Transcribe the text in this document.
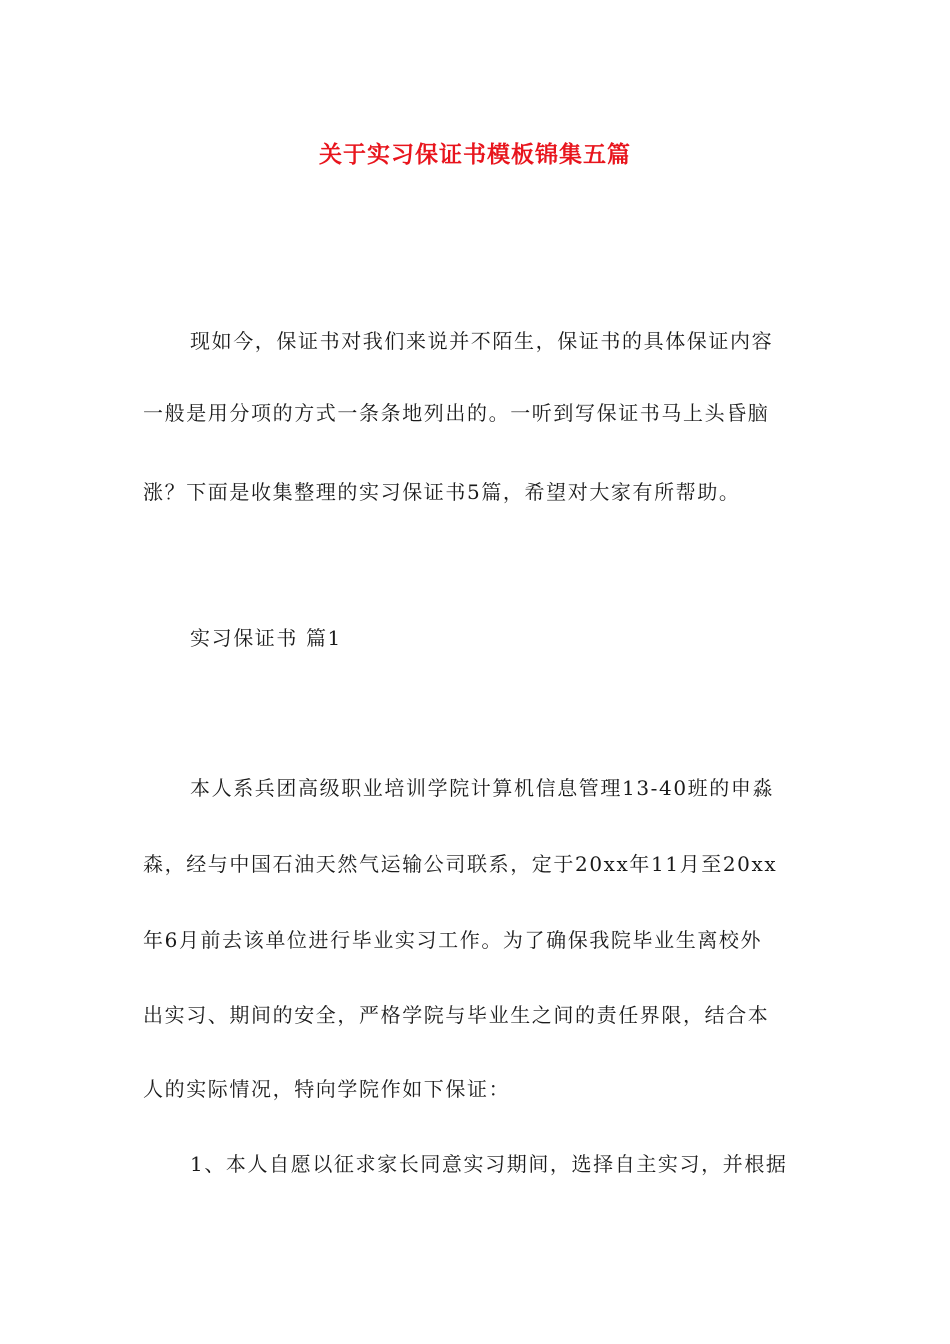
关于实习保证书模板锦集五篇
现如今，保证书对我们来说并不陌生，保证书的具体保证内容
一般是用分项的方式一条条地列出的。一听到写保证书马上头昏脑
涨？下面是收集整理的实习保证书5篇，希望对大家有所帮助。
实习保证书 篇1
本人系兵团高级职业培训学院计算机信息管理13-40班的申淼
森，经与中国石油天然气运输公司联系，定于20xx年11月至20xx
年6月前去该单位进行毕业实习工作。为了确保我院毕业生离校外
出实习、期间的安全，严格学院与毕业生之间的责任界限，结合本
人的实际情况，特向学院作如下保证：
1、本人自愿以征求家长同意实习期间，选择自主实习，并根据
